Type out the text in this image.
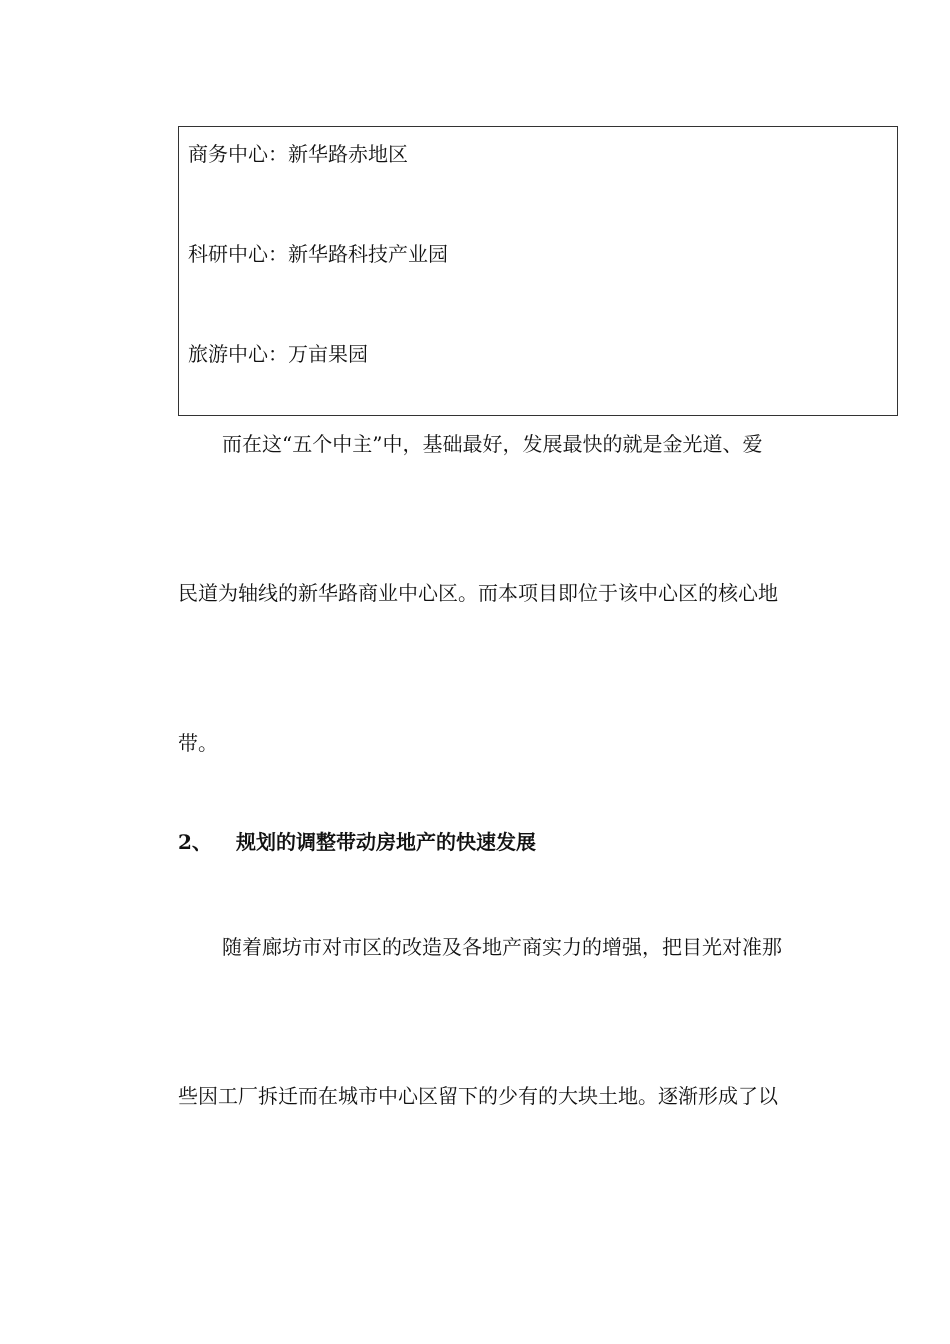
商务中心：新华路赤地区
科研中心：新华路科技产业园
旅游中心：万亩果园
而在这“五个中主”中，基础最好，发展最快的就是金光道、爱
民道为轴线的新华路商业中心区。而本项目即位于该中心区的核心地
带。
2、 规划的调整带动房地产的快速发展
随着廊坊市对市区的改造及各地产商实力的增强，把目光对准那
些因工厂拆迁而在城市中心区留下的少有的大块土地。逐渐形成了以
